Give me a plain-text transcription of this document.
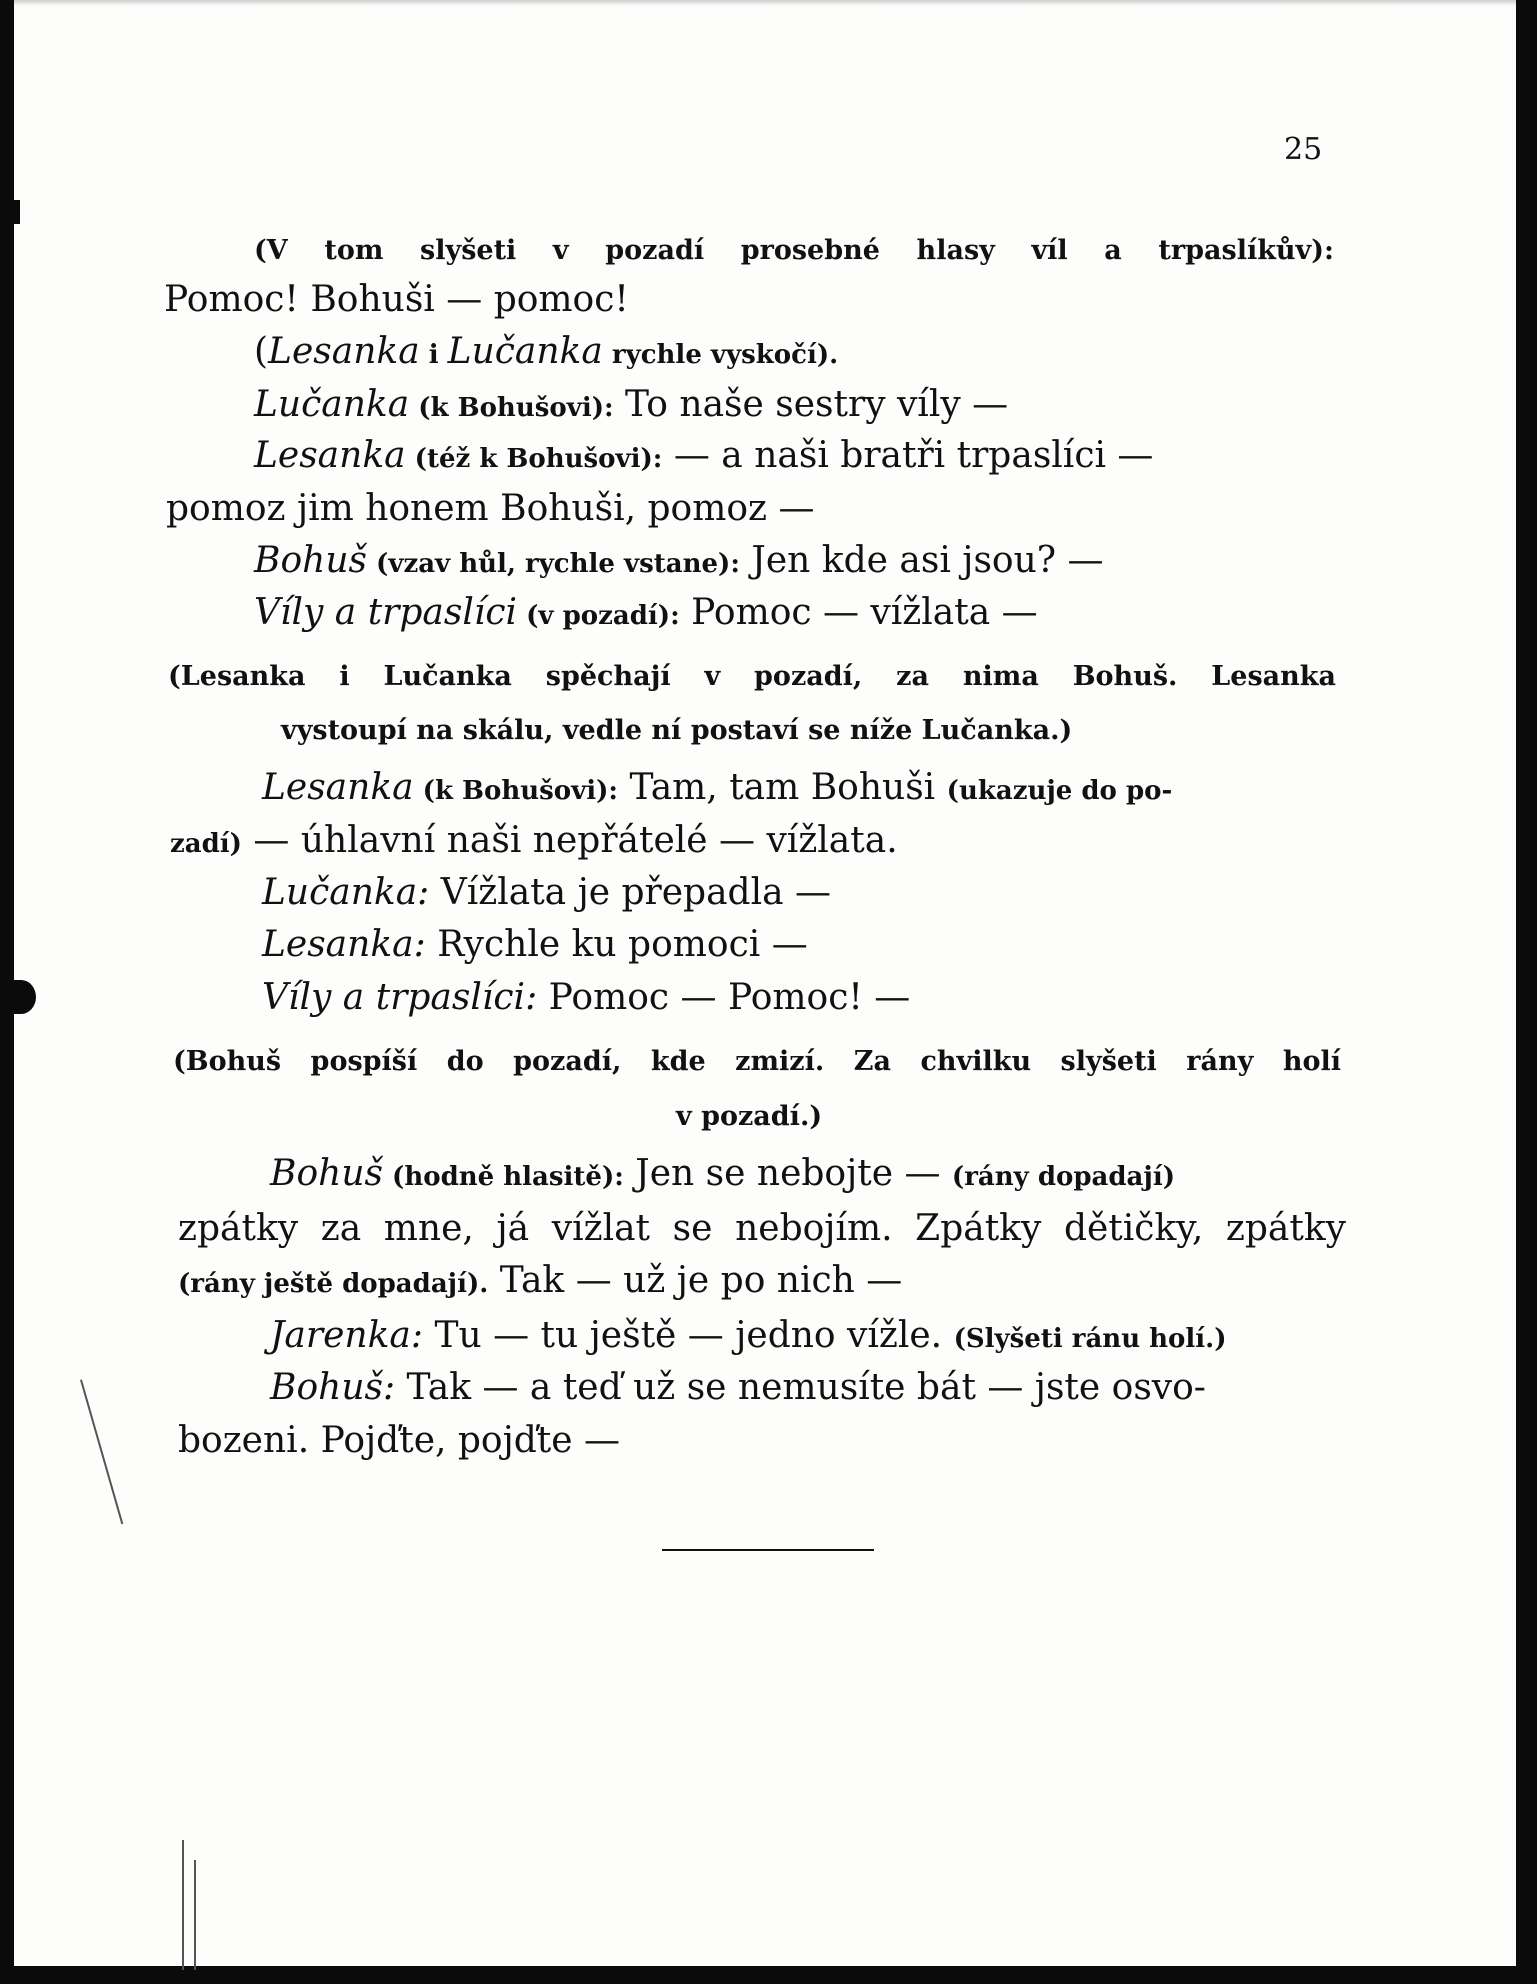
25
(V tom slyšeti v pozadí prosebné hlasy víl a trpaslíkův):
Pomoc! Bohuši — pomoc!
(Lesanka i Lučanka rychle vyskočí).
Lučanka (k Bohušovi): To naše sestry víly —
Lesanka (též k Bohušovi): — a naši bratři trpaslíci —
pomoz jim honem Bohuši, pomoz —
Bohuš (vzav hůl, rychle vstane): Jen kde asi jsou? —
Víly a trpaslíci (v pozadí): Pomoc — vížlata —
(Lesanka i Lučanka spěchají v pozadí, za nima Bohuš. Lesanka
vystoupí na skálu, vedle ní postaví se níže Lučanka.)
Lesanka (k Bohušovi): Tam, tam Bohuši (ukazuje do po-
zadí) — úhlavní naši nepřátelé — vížlata.
Lučanka: Vížlata je přepadla —
Lesanka: Rychle ku pomoci —
Víly a trpaslíci: Pomoc — Pomoc! —
(Bohuš pospíší do pozadí, kde zmizí. Za chvilku slyšeti rány holí
v pozadí.)
Bohuš (hodně hlasitě): Jen se nebojte — (rány dopadají)
zpátky za mne, já vížlat se nebojím. Zpátky dětičky, zpátky
(rány ještě dopadají). Tak — už je po nich —
Jarenka: Tu — tu ještě — jedno vížle. (Slyšeti ránu holí.)
Bohuš: Tak — a teď už se nemusíte bát — jste osvo-
bozeni. Pojďte, pojďte —
